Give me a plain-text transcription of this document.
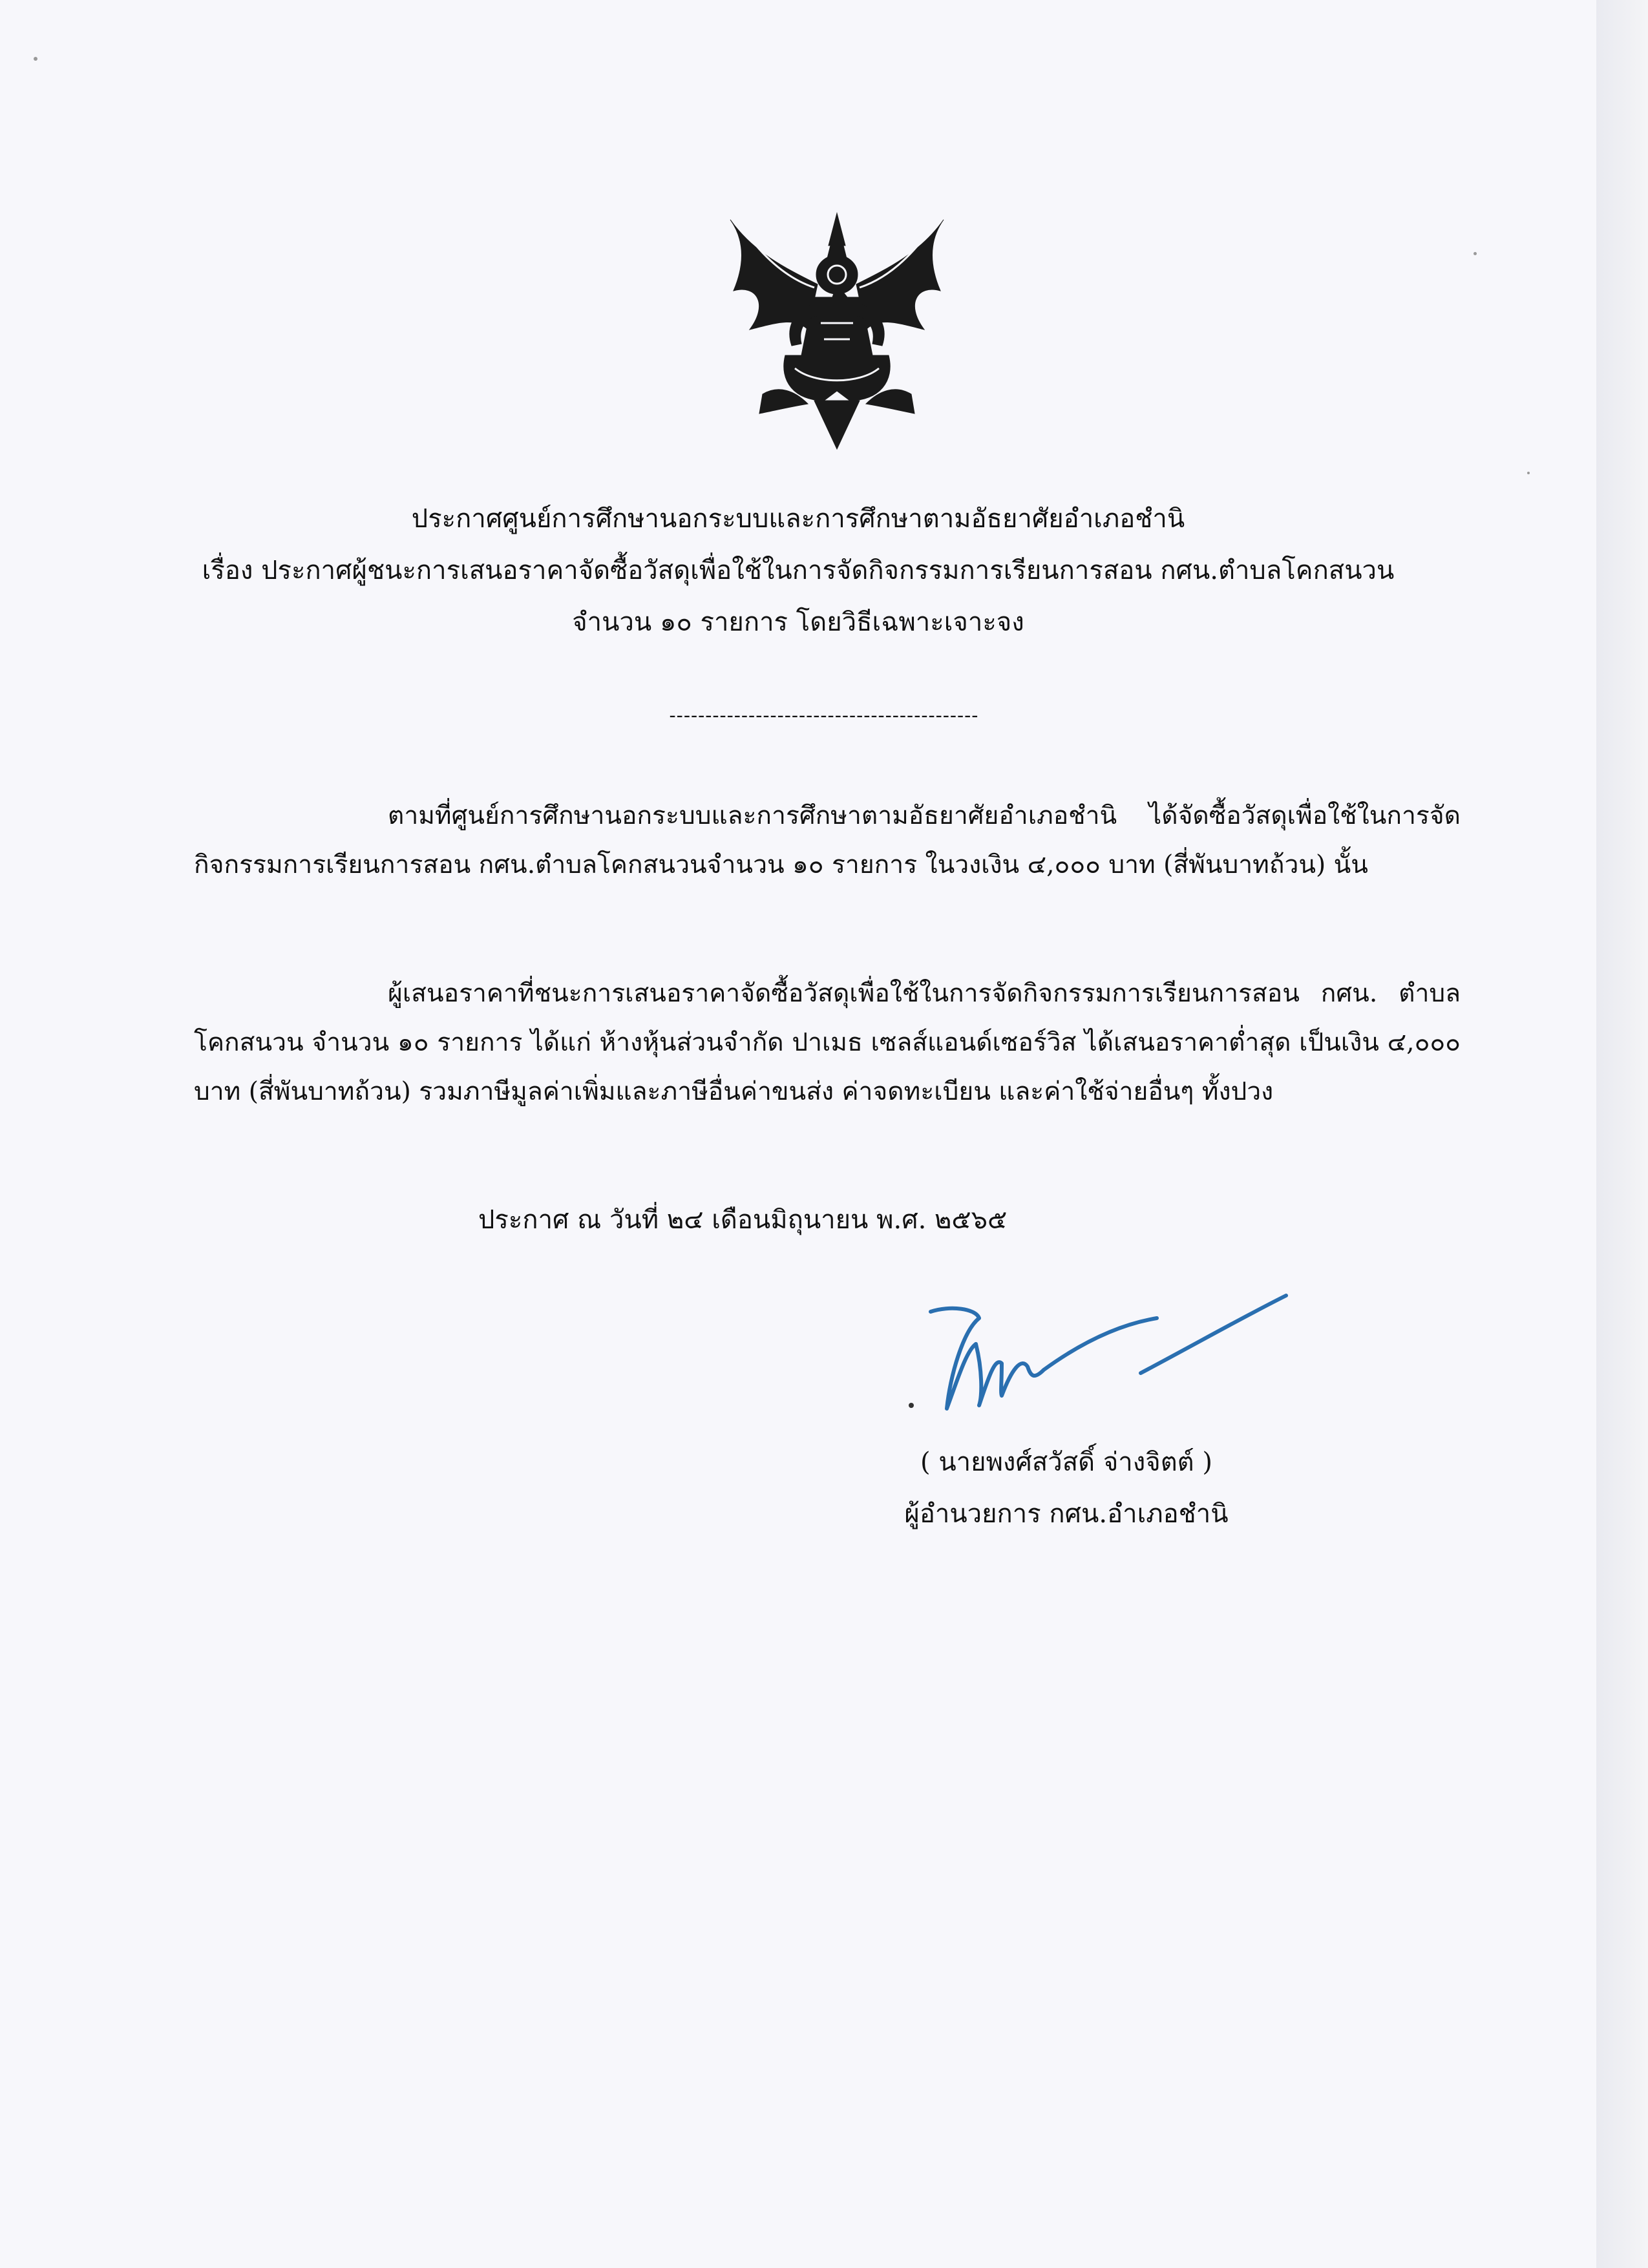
ประกาศศูนย์การศึกษานอกระบบและการศึกษาตามอัธยาศัยอำเภอชำนิ
เรื่อง ประกาศผู้ชนะการเสนอราคาจัดซื้อวัสดุเพื่อใช้ในการจัดกิจกรรมการเรียนการสอน กศน.ตำบลโคกสนวน
จำนวน ๑๐ รายการ โดยวิธีเฉพาะเจาะจง
-------------------------------------------
ตามที่ศูนย์การศึกษานอกระบบและการศึกษาตามอัธยาศัยอำเภอชำนิ ได้จัดซื้อวัสดุเพื่อใช้ในการจัดกิจกรรมการเรียนการสอน กศน.ตำบลโคกสนวนจำนวน ๑๐ รายการ ในวงเงิน ๔,๐๐๐ บาท (สี่พันบาทถ้วน) นั้น
ผู้เสนอราคาที่ชนะการเสนอราคาจัดซื้อวัสดุเพื่อใช้ในการจัดกิจกรรมการเรียนการสอน กศน. ตำบลโคกสนวน จำนวน ๑๐ รายการ ได้แก่ ห้างหุ้นส่วนจำกัด ปาเมธ เซลส์แอนด์เซอร์วิส ได้เสนอราคาต่ำสุด เป็นเงิน ๔,๐๐๐ บาท (สี่พันบาทถ้วน) รวมภาษีมูลค่าเพิ่มและภาษีอื่นค่าขนส่ง ค่าจดทะเบียน และค่าใช้จ่ายอื่นๆ ทั้งปวง
ประกาศ ณ วันที่ ๒๔ เดือนมิถุนายน พ.ศ. ๒๕๖๕
( นายพงศ์สวัสดิ์ จ่างจิตต์ )
ผู้อำนวยการ กศน.อำเภอชำนิ
